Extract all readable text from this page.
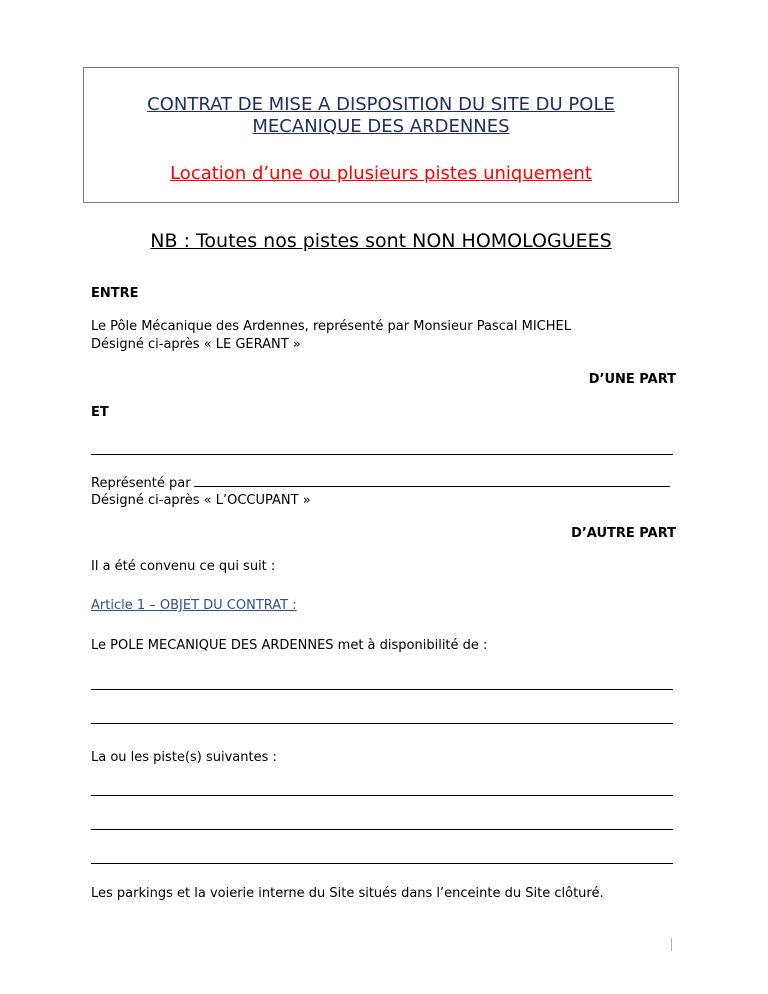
CONTRAT DE MISE A DISPOSITION DU SITE DU POLE
MECANIQUE DES ARDENNES
Location d’une ou plusieurs pistes uniquement
NB : Toutes nos pistes sont NON HOMOLOGUEES
ENTRE
Le Pôle Mécanique des Ardennes, représenté par Monsieur Pascal MICHEL
Désigné ci-après « LE GERANT »
D’UNE PART
ET
Représenté par
Désigné ci-après « L’OCCUPANT »
D’AUTRE PART
Il a été convenu ce qui suit :
Article 1 – OBJET DU CONTRAT :
Le POLE MECANIQUE DES ARDENNES met à disponibilité de :
La ou les piste(s) suivantes :
Les parkings et la voierie interne du Site situés dans l’enceinte du Site clôturé.
